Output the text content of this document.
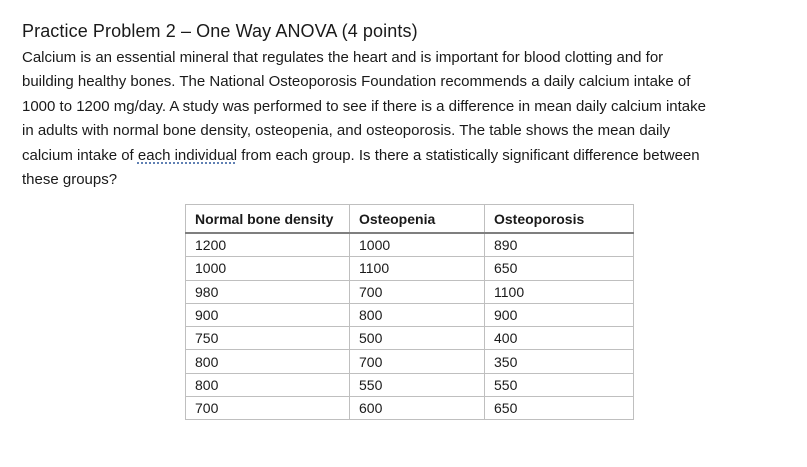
Practice Problem 2 – One Way ANOVA (4 points)
Calcium is an essential mineral that regulates the heart and is important for blood clotting and for
building healthy bones. The National Osteoporosis Foundation recommends a daily calcium intake of
1000 to 1200 mg/day. A study was performed to see if there is a difference in mean daily calcium intake
in adults with normal bone density, osteopenia, and osteoporosis. The table shows the mean daily
calcium intake of each individual from each group. Is there a statistically significant difference between
these groups?
Normal bone density	Osteopenia	Osteoporosis
1200	1000	890
1000	1100	650
980	700	1100
900	800	900
750	500	400
800	700	350
800	550	550
700	600	650
